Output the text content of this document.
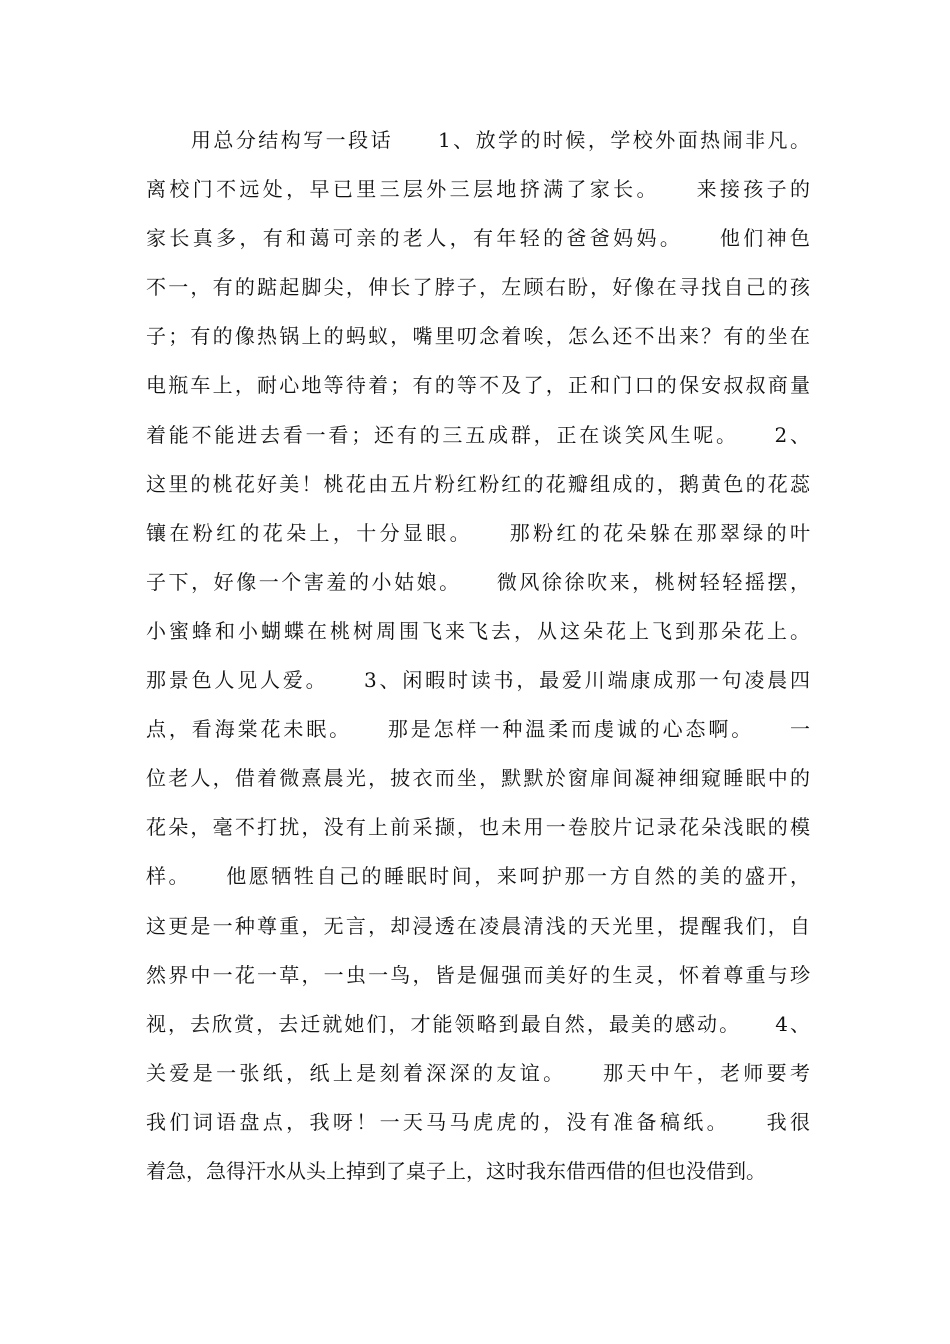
　　用总分结构写一段话　　1、放学的时候，学校外面热闹非凡。
离校门不远处，早已里三层外三层地挤满了家长。　　来接孩子的
家长真多，有和蔼可亲的老人，有年轻的爸爸妈妈。　　他们神色
不一，有的踮起脚尖，伸长了脖子，左顾右盼，好像在寻找自己的孩
子；有的像热锅上的蚂蚁，嘴里叨念着唉，怎么还不出来？有的坐在
电瓶车上，耐心地等待着；有的等不及了，正和门口的保安叔叔商量
着能不能进去看一看；还有的三五成群，正在谈笑风生呢。　　2、
这里的桃花好美！桃花由五片粉红粉红的花瓣组成的，鹅黄色的花蕊
镶在粉红的花朵上，十分显眼。　　那粉红的花朵躲在那翠绿的叶
子下，好像一个害羞的小姑娘。　　微风徐徐吹来，桃树轻轻摇摆，
小蜜蜂和小蝴蝶在桃树周围飞来飞去，从这朵花上飞到那朵花上。
那景色人见人爱。　　3、闲暇时读书，最爱川端康成那一句凌晨四
点，看海棠花未眠。　　那是怎样一种温柔而虔诚的心态啊。　　一
位老人，借着微熹晨光，披衣而坐，默默於窗扉间凝神细窥睡眠中的
花朵，毫不打扰，没有上前采撷，也未用一卷胶片记录花朵浅眠的模
样。　　他愿牺牲自己的睡眠时间，来呵护那一方自然的美的盛开，
这更是一种尊重，无言，却浸透在凌晨清浅的天光里，提醒我们，自
然界中一花一草，一虫一鸟，皆是倔强而美好的生灵，怀着尊重与珍
视，去欣赏，去迁就她们，才能领略到最自然，最美的感动。　　4、
关爱是一张纸，纸上是刻着深深的友谊。　　那天中午，老师要考
我们词语盘点，我呀！一天马马虎虎的，没有准备稿纸。　　我很
着急，急得汗水从头上掉到了桌子上，这时我东借西借的但也没借到。
